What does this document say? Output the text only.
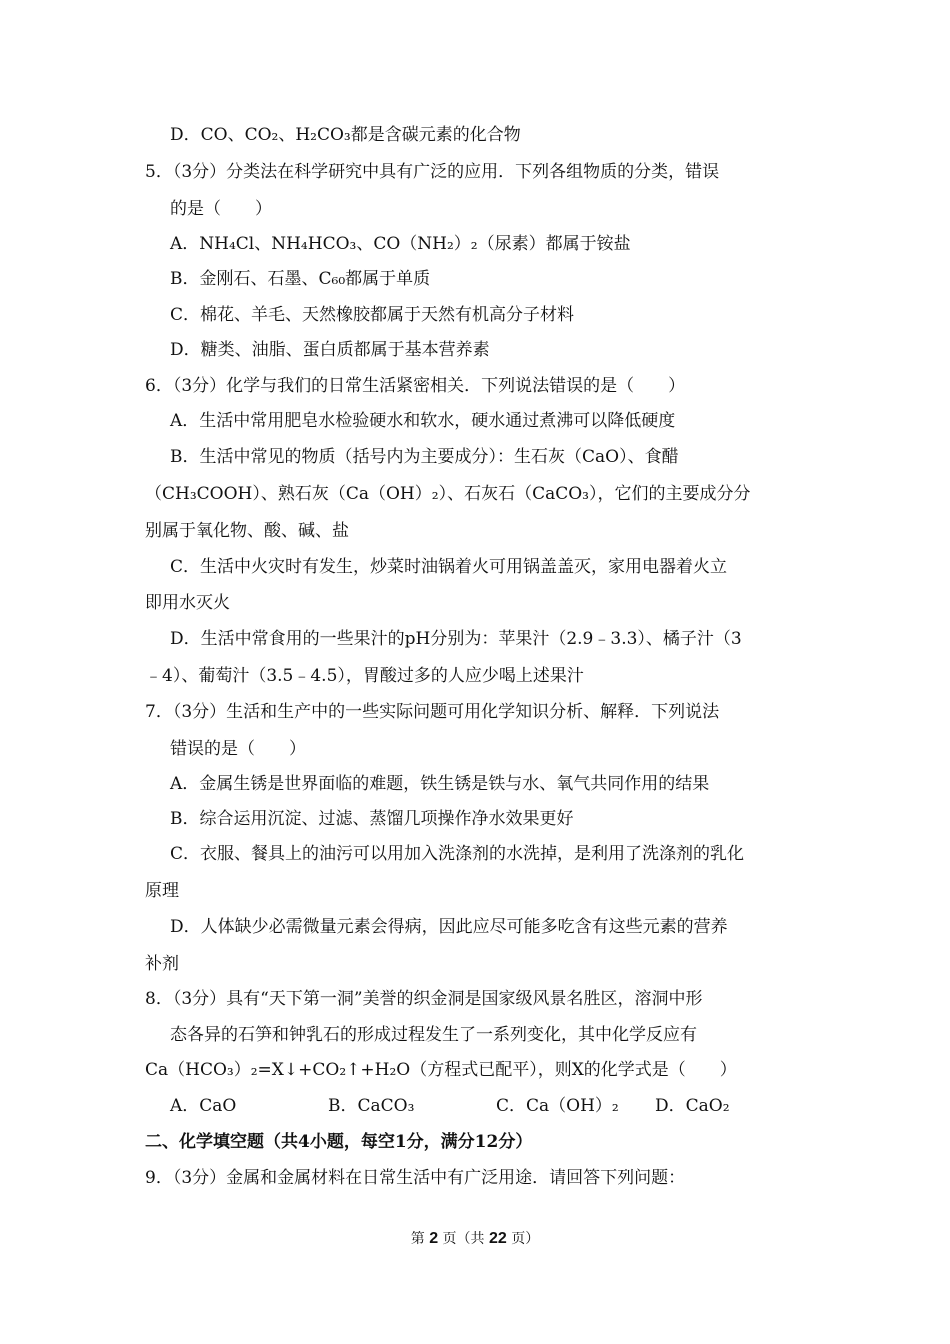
D．CO、CO₂、H₂CO₃都是含碳元素的化合物

5．（3分）分类法在科学研究中具有广泛的应用．下列各组物质的分类，错误

的是（　　）

A．NH₄Cl、NH₄HCO₃、CO（NH₂）₂（尿素）都属于铵盐

B．金刚石、石墨、C₆₀都属于单质

C．棉花、羊毛、天然橡胶都属于天然有机高分子材料

D．糖类、油脂、蛋白质都属于基本营养素

6．（3分）化学与我们的日常生活紧密相关．下列说法错误的是（　　）

A．生活中常用肥皂水检验硬水和软水，硬水通过煮沸可以降低硬度

B．生活中常见的物质（括号内为主要成分）：生石灰（CaO）、食醋

（CH₃COOH）、熟石灰（Ca（OH）₂）、石灰石（CaCO₃），它们的主要成分分

别属于氧化物、酸、碱、盐

C．生活中火灾时有发生，炒菜时油锅着火可用锅盖盖灭，家用电器着火立

即用水灭火

D．生活中常食用的一些果汁的pH分别为：苹果汁（2.9﹣3.3）、橘子汁（3

﹣4）、葡萄汁（3.5﹣4.5），胃酸过多的人应少喝上述果汁

7．（3分）生活和生产中的一些实际问题可用化学知识分析、解释．下列说法

错误的是（　　）

A．金属生锈是世界面临的难题，铁生锈是铁与水、氧气共同作用的结果

B．综合运用沉淀、过滤、蒸馏几项操作净水效果更好

C．衣服、餐具上的油污可以用加入洗涤剂的水洗掉，是利用了洗涤剂的乳化

原理

D．人体缺少必需微量元素会得病，因此应尽可能多吃含有这些元素的营养

补剂

8．（3分）具有“天下第一洞”美誉的织金洞是国家级风景名胜区，溶洞中形

态各异的石笋和钟乳石的形成过程发生了一系列变化，其中化学反应有

Ca（HCO₃）₂=X↓+CO₂↑+H₂O（方程式已配平），则X的化学式是（　　）

A．CaO	B．CaCO₃	C．Ca（OH）₂ D．CaO₂

二、化学填空题（共4小题，每空1分，满分12分）

9．（3分）金属和金属材料在日常生活中有广泛用途．请回答下列问题：

第 2 页（共 22 页）
